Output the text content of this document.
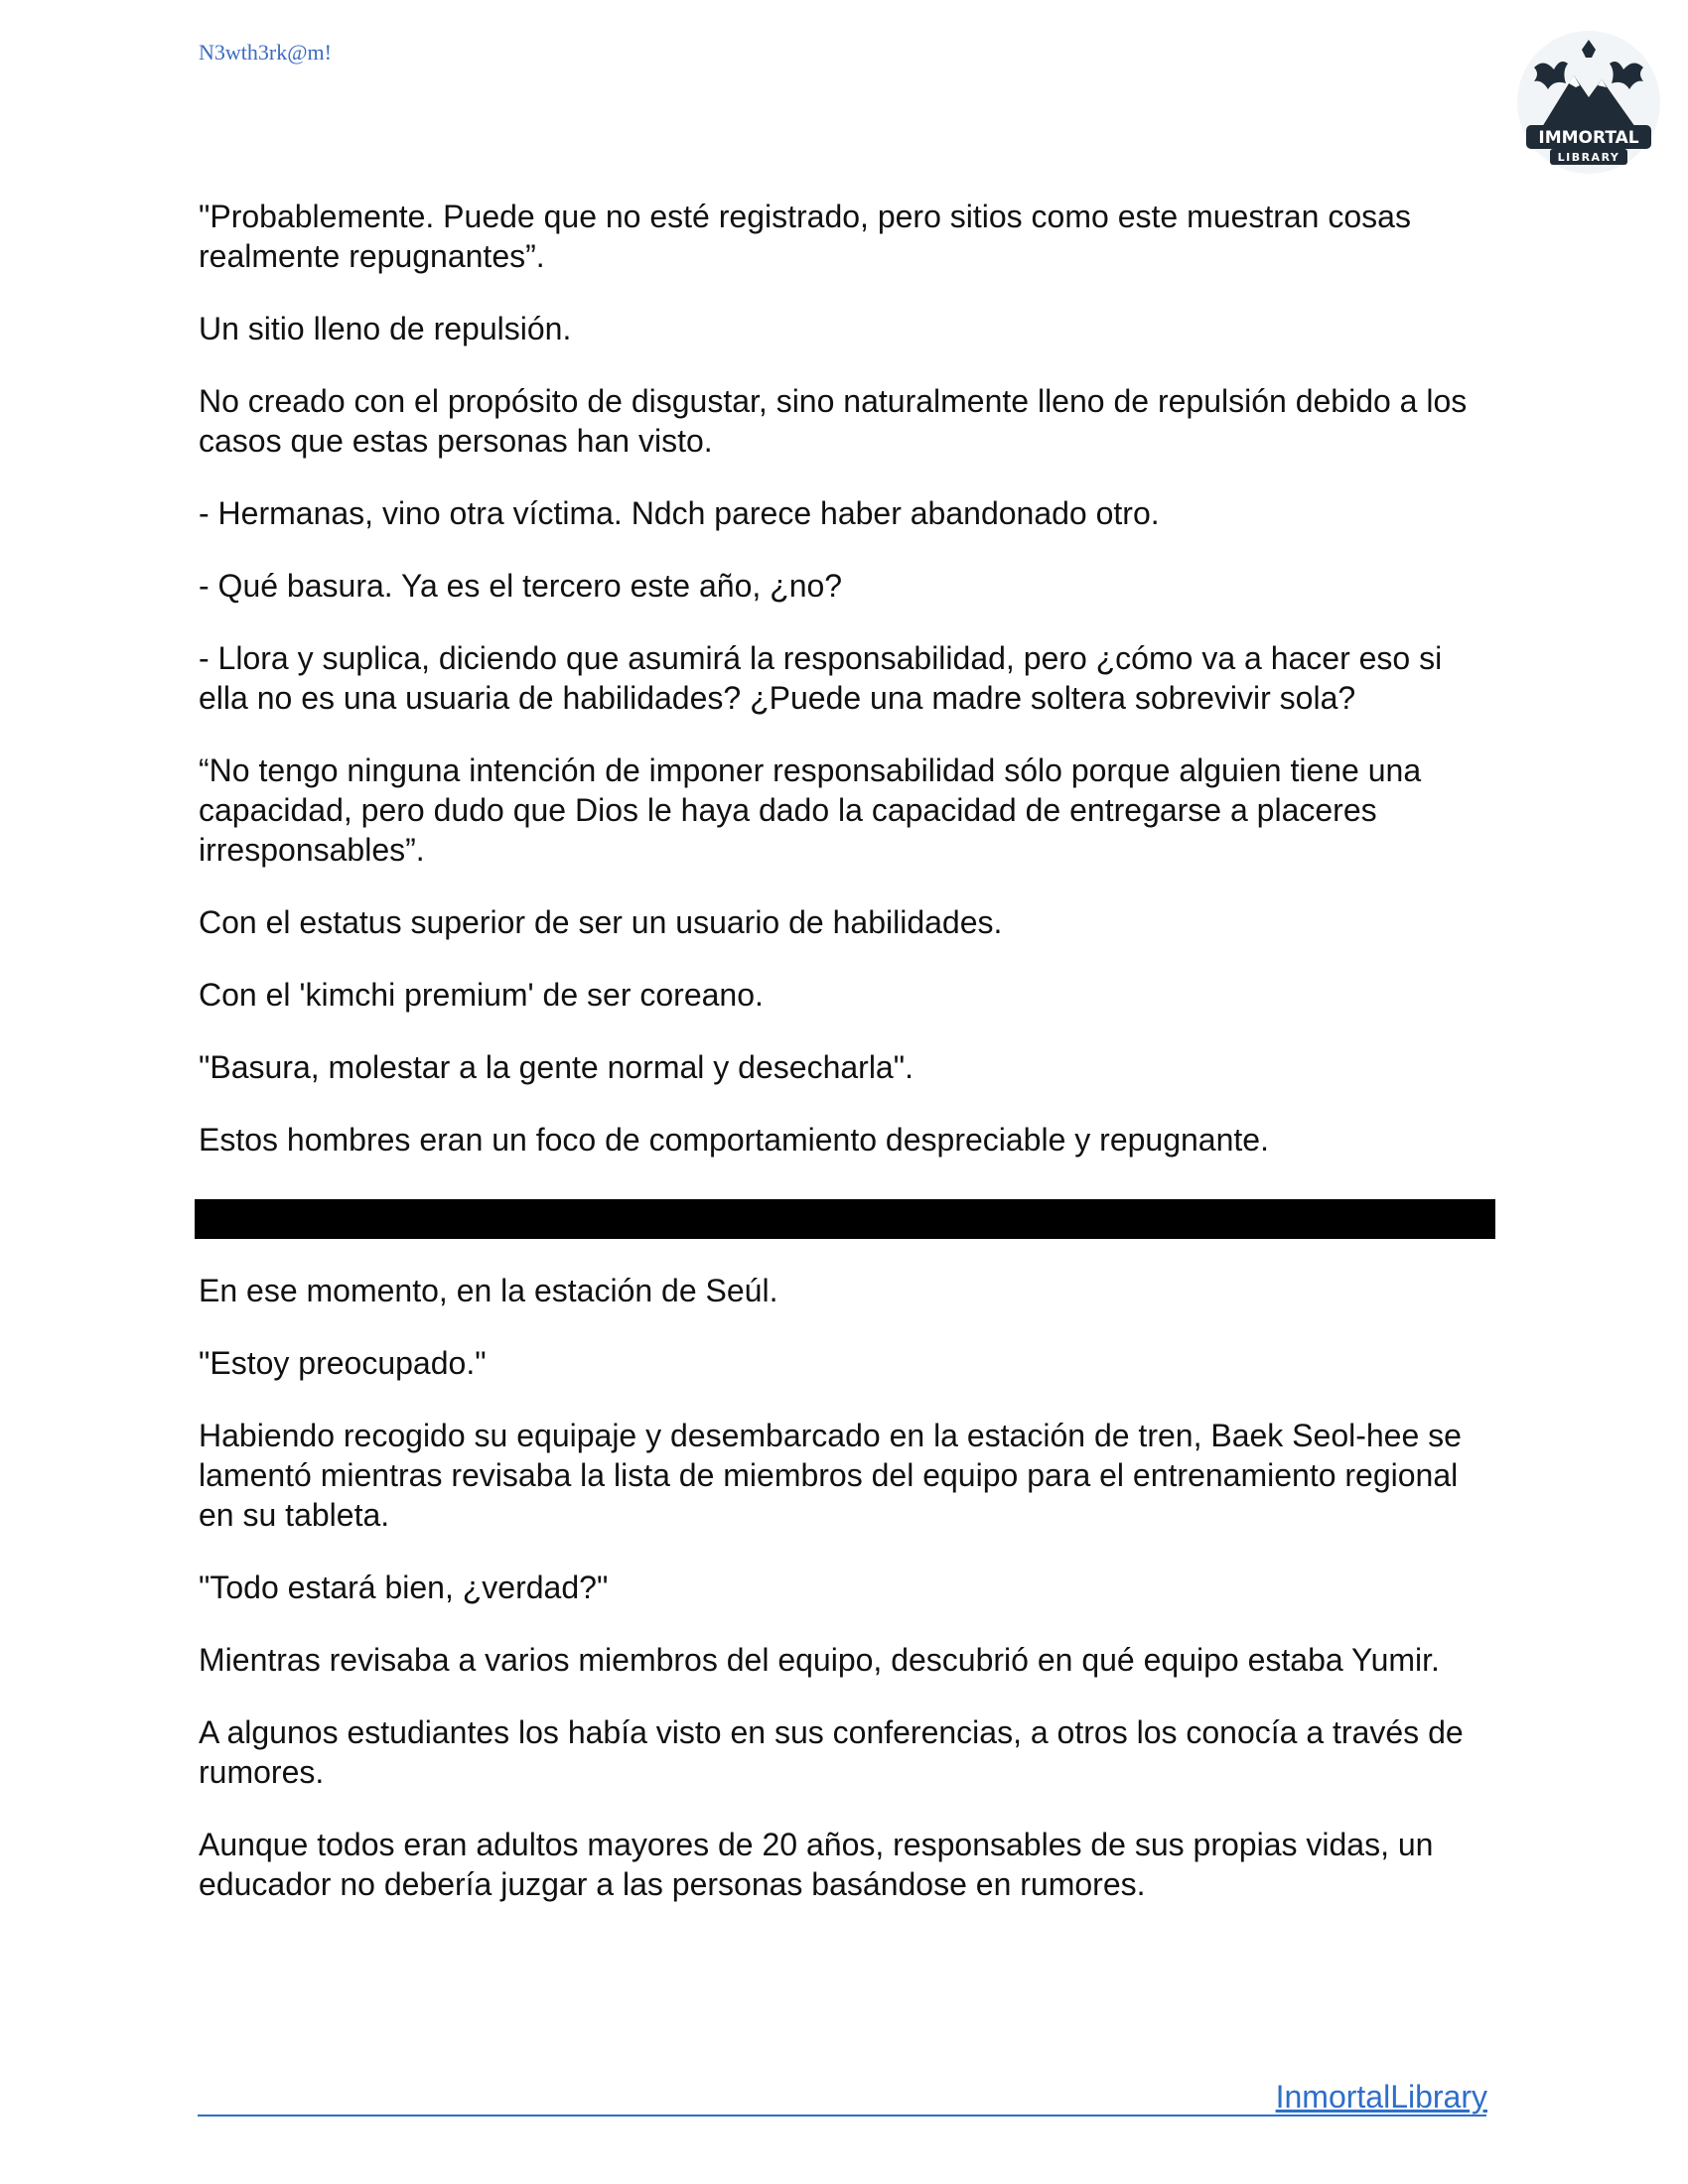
N3wth3rk@m!
IMMORTAL
LIBRARY

"Probablemente. Puede que no esté registrado, pero sitios como este muestran cosas realmente repugnantes”.

Un sitio lleno de repulsión.

No creado con el propósito de disgustar, sino naturalmente lleno de repulsión debido a los casos que estas personas han visto.

- Hermanas, vino otra víctima. Ndch parece haber abandonado otro.

- Qué basura. Ya es el tercero este año, ¿no?

- Llora y suplica, diciendo que asumirá la responsabilidad, pero ¿cómo va a hacer eso si ella no es una usuaria de habilidades? ¿Puede una madre soltera sobrevivir sola?

“No tengo ninguna intención de imponer responsabilidad sólo porque alguien tiene una capacidad, pero dudo que Dios le haya dado la capacidad de entregarse a placeres irresponsables”.

Con el estatus superior de ser un usuario de habilidades.

Con el 'kimchi premium' de ser coreano.

"Basura, molestar a la gente normal y desecharla".

Estos hombres eran un foco de comportamiento despreciable y repugnante.

En ese momento, en la estación de Seúl.

"Estoy preocupado."

Habiendo recogido su equipaje y desembarcado en la estación de tren, Baek Seol-hee se lamentó mientras revisaba la lista de miembros del equipo para el entrenamiento regional en su tableta.

"Todo estará bien, ¿verdad?"

Mientras revisaba a varios miembros del equipo, descubrió en qué equipo estaba Yumir.

A algunos estudiantes los había visto en sus conferencias, a otros los conocía a través de rumores.

Aunque todos eran adultos mayores de 20 años, responsables de sus propias vidas, un educador no debería juzgar a las personas basándose en rumores.

InmortalLibrary
